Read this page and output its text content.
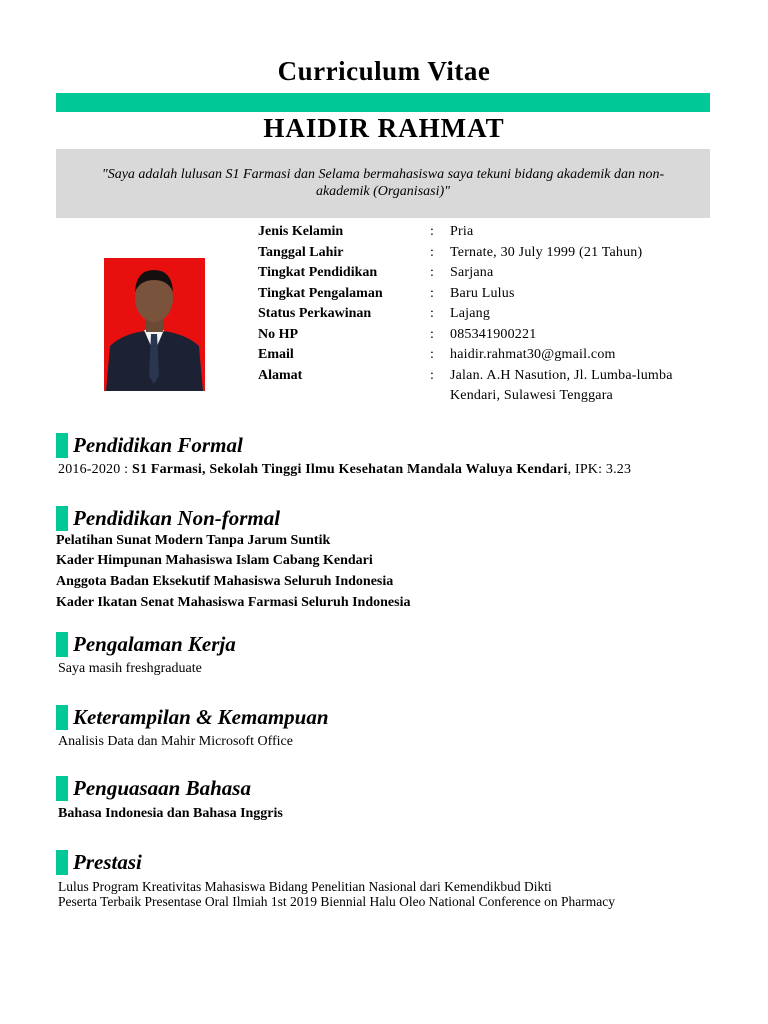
Curriculum Vitae
HAIDIR RAHMAT
"Saya adalah lulusan S1 Farmasi dan Selama bermahasiswa saya tekuni bidang akademik dan non-akademik (Organisasi)"
Jenis Kelamin	:	Pria
Tanggal Lahir	:	Ternate, 30 July 1999 (21 Tahun)
Tingkat Pendidikan	:	Sarjana
Tingkat Pengalaman	:	Baru Lulus
Status Perkawinan	:	Lajang
No HP	:	085341900221
Email	:	haidir.rahmat30@gmail.com
Alamat	:	Jalan. A.H Nasution, Jl. Lumba-lumba
Kendari, Sulawesi Tenggara
Pendidikan Formal
2016-2020 : S1 Farmasi, Sekolah Tinggi Ilmu Kesehatan Mandala Waluya Kendari, IPK: 3.23
Pendidikan Non-formal
Pelatihan Sunat Modern Tanpa Jarum Suntik
Kader Himpunan Mahasiswa Islam Cabang Kendari
Anggota Badan Eksekutif Mahasiswa Seluruh Indonesia
Kader Ikatan Senat Mahasiswa Farmasi Seluruh Indonesia
Pengalaman Kerja
Saya masih freshgraduate
Keterampilan & Kemampuan
Analisis Data dan Mahir Microsoft Office
Penguasaan Bahasa
Bahasa Indonesia dan Bahasa Inggris
Prestasi
Lulus Program Kreativitas Mahasiswa Bidang Penelitian Nasional dari Kemendikbud Dikti
Peserta Terbaik Presentase Oral Ilmiah 1st 2019 Biennial Halu Oleo National Conference on Pharmacy
